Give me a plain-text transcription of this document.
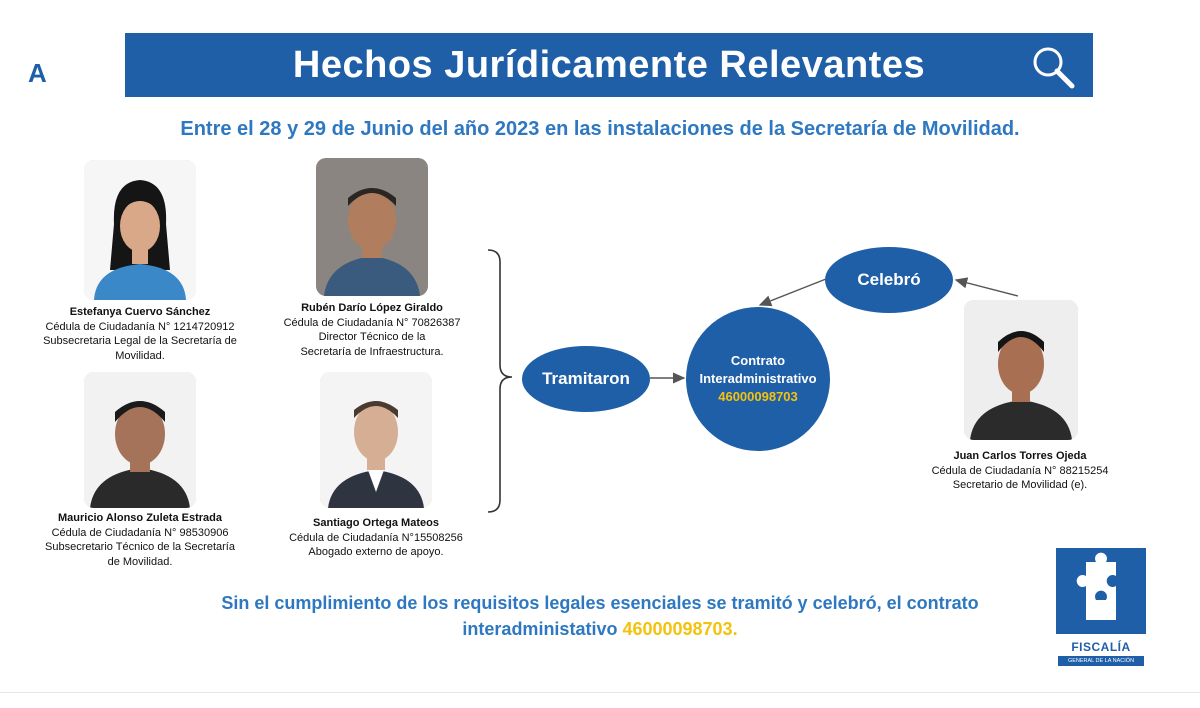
A	Hechos Jurídicamente Relevantes
Entre el 28 y 29 de Junio del año 2023 en las instalaciones de la Secretaría de Movilidad.
Estefanya Cuervo Sánchez
Cédula de Ciudadanía N° 1214720912
Subsecretaria Legal de la Secretaría de
Movilidad.
Rubén Darío López Giraldo
Cédula de Ciudadanía N° 70826387
Director Técnico de la
Secretaría de Infraestructura.
Mauricio Alonso Zuleta Estrada
Cédula de Ciudadanía N° 98530906
Subsecretario Técnico de la Secretaría
de Movilidad.
Santiago Ortega Mateos
Cédula de Ciudadanía N°15508256
Abogado externo de apoyo.
Juan Carlos Torres Ojeda
Cédula de Ciudadanía N° 88215254
Secretario de Movilidad (e).
Tramitaron
Celebró
Contrato
Interadministrativo
46000098703
Sin el cumplimiento de los requisitos legales esenciales se tramitó y celebró, el contrato
interadministativo 46000098703.
FISCALÍA
GENERAL DE LA NACIÓN
